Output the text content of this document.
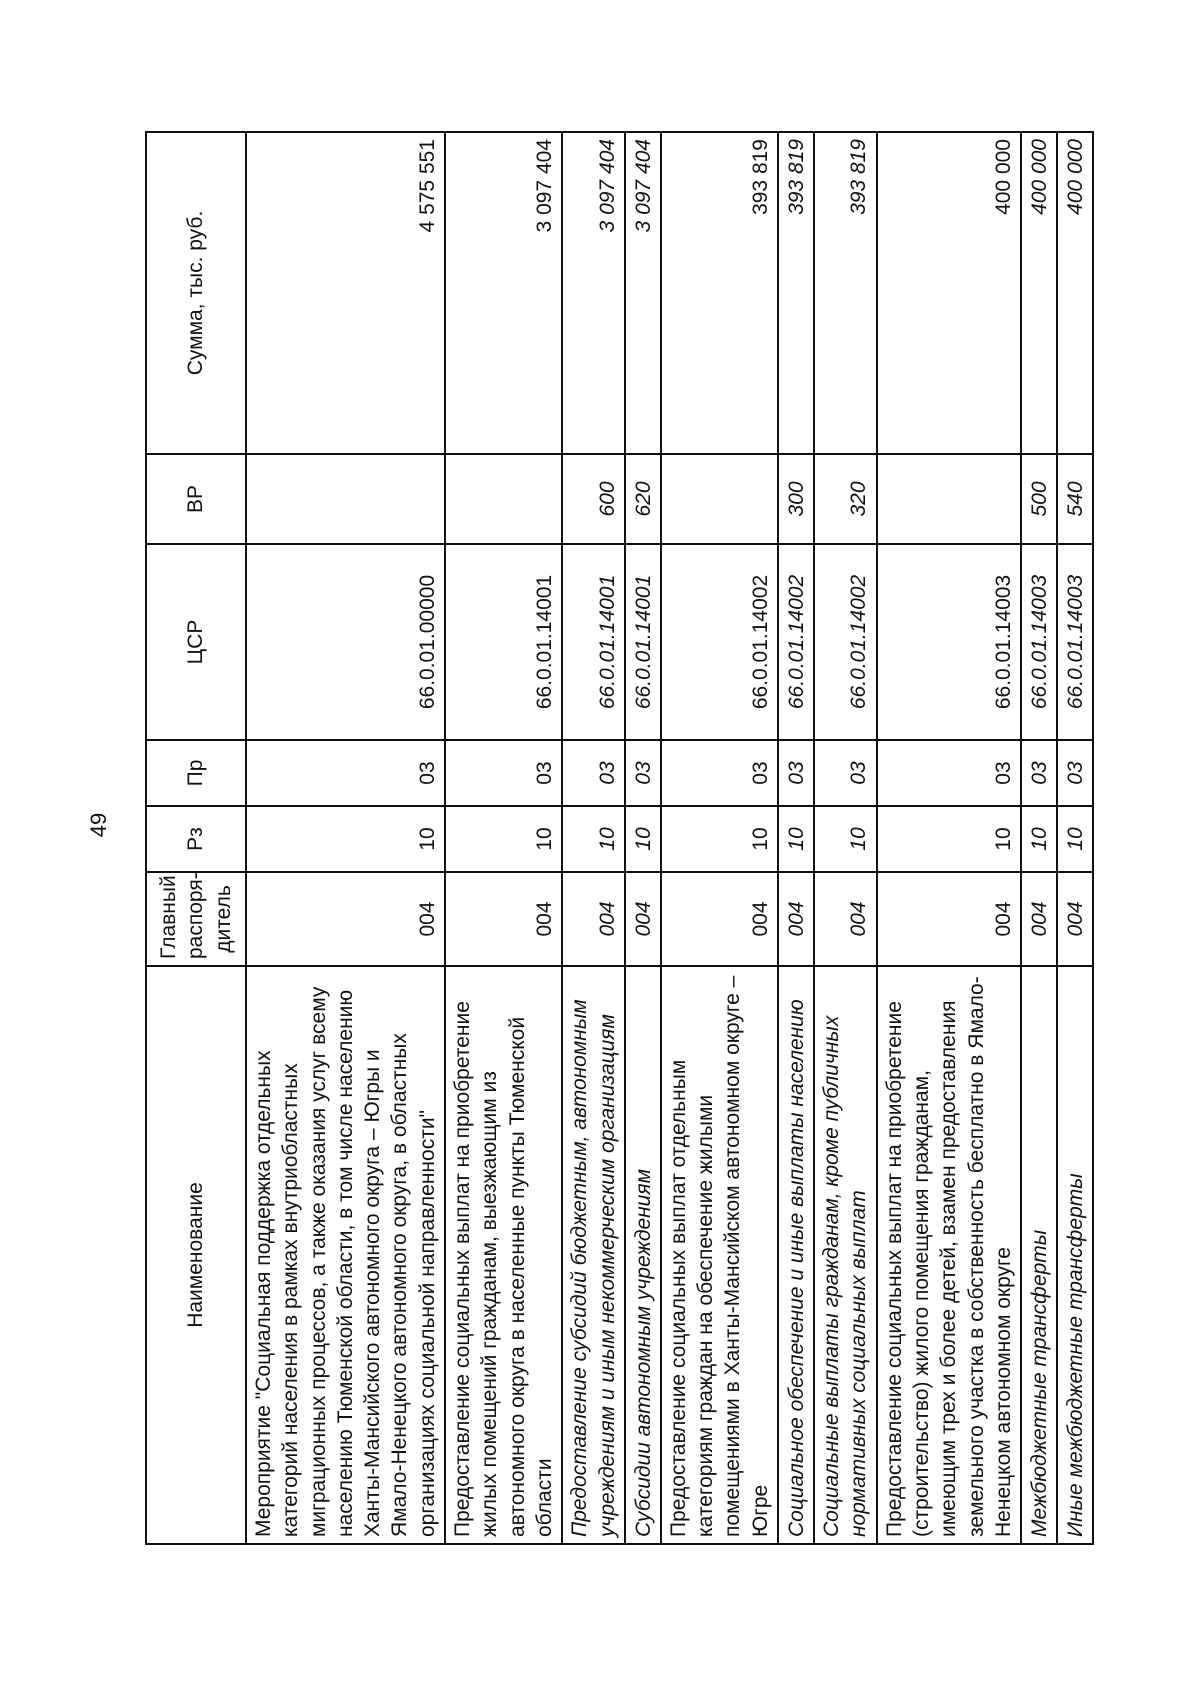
49
Наименование	Главный распоря-дитель	Рз	Пр	ЦСР	ВР	Сумма, тыс. руб.
Мероприятие "Социальная поддержка отдельных категорий населения в рамках внутриобластных миграционных процессов, а также оказания услуг всему населению Тюменской области, в том числе населению Ханты-Мансийского автономного округа – Югры и Ямало-Ненецкого автономного округа, в областных организациях социальной направленности"	004	10	03	66.0.01.00000		4 575 551
Предоставление социальных выплат на приобретение жилых помещений гражданам, выезжающим из автономного округа в населенные пункты Тюменской области	004	10	03	66.0.01.14001		3 097 404
Предоставление субсидий бюджетным, автономным учреждениям и иным некоммерческим организациям	004	10	03	66.0.01.14001	600	3 097 404
Субсидии автономным учреждениям	004	10	03	66.0.01.14001	620	3 097 404
Предоставление социальных выплат отдельным категориям граждан на обеспечение жилыми помещениями в Ханты-Мансийском автономном округе – Югре	004	10	03	66.0.01.14002		393 819
Социальное обеспечение и иные выплаты населению	004	10	03	66.0.01.14002	300	393 819
Социальные выплаты гражданам, кроме публичных нормативных социальных выплат	004	10	03	66.0.01.14002	320	393 819
Предоставление социальных выплат на приобретение (строительство) жилого помещения гражданам, имеющим трех и более детей, взамен предоставления земельного участка в собственность бесплатно в Ямало-Ненецком автономном округе	004	10	03	66.0.01.14003		400 000
Межбюджетные трансферты	004	10	03	66.0.01.14003	500	400 000
Иные межбюджетные трансферты	004	10	03	66.0.01.14003	540	400 000
